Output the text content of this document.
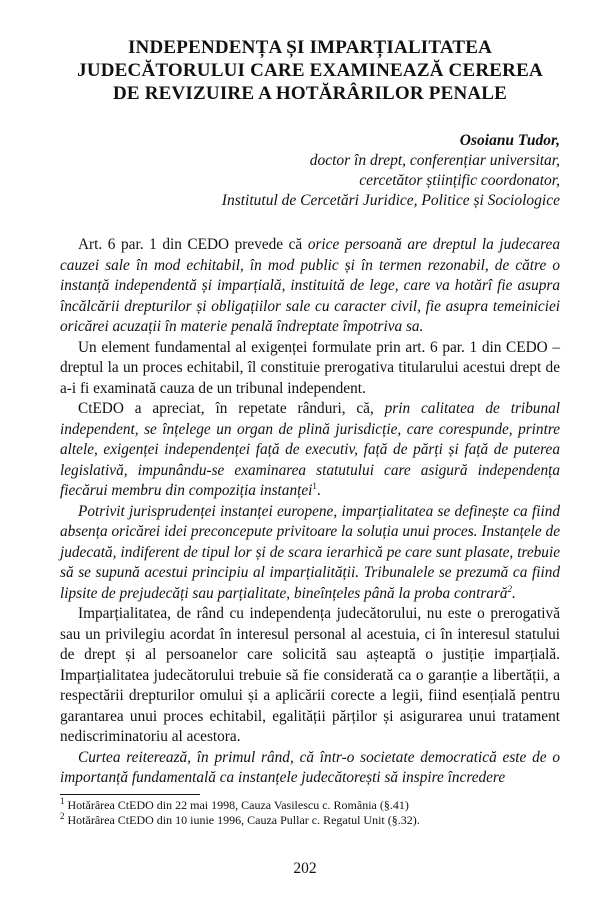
INDEPENDENȚA ȘI IMPARȚIALITATEA
JUDECĂTORULUI CARE EXAMINEAZĂ CEREREA
DE REVIZUIRE A HOTĂRÂRILOR PENALE
Osoianu Tudor,
doctor în drept, conferențiar universitar,
cercetător științific coordonator,
Institutul de Cercetări Juridice, Politice și Sociologice

Art. 6 par. 1 din CEDO prevede că orice persoană are dreptul la judecarea cauzei sale în mod echitabil, în mod public și în termen rezonabil, de către o instanță independentă și imparțială, instituită de lege, care va hotărî fie asupra încălcării drepturilor și obligațiilor sale cu caracter civil, fie asupra temeiniciei oricărei acuzații în materie penală îndreptate împotriva sa.

Un element fundamental al exigenței formulate prin art. 6 par. 1 din CEDO – dreptul la un proces echitabil, îl constituie prerogativa titularului acestui drept de a-i fi examinată cauza de un tribunal independent.

CtEDO a apreciat, în repetate rânduri, că, prin calitatea de tribunal independent, se înțelege un organ de plină jurisdicție, care corespunde, printre altele, exigenței independenței față de executiv, față de părți și față de puterea legislativă, impunându-se examinarea statutului care asigură independența fiecărui membru din compoziția instanței$^1$.

Potrivit jurisprudenței instanței europene, imparțialitatea se definește ca fiind absența oricărei idei preconcepute privitoare la soluția unui proces. Instanțele de judecată, indiferent de tipul lor și de scara ierarhică pe care sunt plasate, trebuie să se supună acestui principiu al imparțialității. Tribunalele se prezumă ca fiind lipsite de prejudecăți sau parțialitate, bineînțeles până la proba contrară$^2$.

Imparțialitatea, de rând cu independența judecătorului, nu este o prerogativă sau un privilegiu acordat în interesul personal al acestuia, ci în interesul statului de drept și al persoanelor care solicită sau așteaptă o justiție imparțială. Imparțialitatea judecătorului trebuie să fie considerată ca o garanție a libertății, a respectării drepturilor omului și a aplicării corecte a legii, fiind esențială pentru garantarea unui proces echitabil, egalității părților și asigurarea unui tratament nediscriminatoriu al acestora.

Curtea reiterează, în primul rând, că într-o societate democratică este de o importanță fundamentală ca instanțele judecătorești să inspire încredere

$^1$ Hotărârea CtEDO din 22 mai 1998, Cauza Vasilescu c. România (§.41)
$^2$ Hotărârea CtEDO din 10 iunie 1996, Cauza Pullar c. Regatul Unit (§.32).
202
